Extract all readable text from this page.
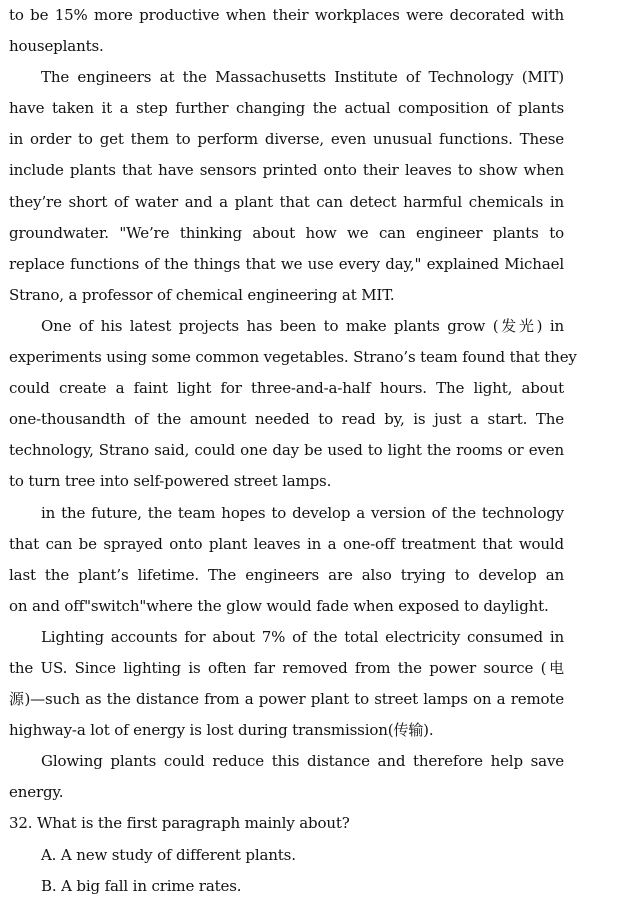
to be 15% more productive when their workplaces were decorated with
houseplants.
The engineers at the Massachusetts Institute of Technology (MIT)
have taken it a step further changing the actual composition of plants
in order to get them to perform diverse, even unusual functions. These
include plants that have sensors printed onto their leaves to show when
they’re short of water and a plant that can detect harmful chemicals in
groundwater. "We’re thinking about how we can engineer plants to
replace functions of the things that we use every day," explained Michael
Strano, a professor of chemical engineering at MIT.
One of his latest projects has been to make plants grow (发光) in
experiments using some common vegetables. Strano’s team found that they
could create a faint light for three-and-a-half hours. The light, about
one-thousandth of the amount needed to read by, is just a start. The
technology, Strano said, could one day be used to light the rooms or even
to turn tree into self-powered street lamps.
in the future, the team hopes to develop a version of the technology
that can be sprayed onto plant leaves in a one-off treatment that would
last the plant’s lifetime. The engineers are also trying to develop an
on and off"switch"where the glow would fade when exposed to daylight.
Lighting accounts for about 7% of the total electricity consumed in
the US. Since lighting is often far removed from the power source (电
源)—such as the distance from a power plant to street lamps on a remote
highway-a lot of energy is lost during transmission(传输).
Glowing plants could reduce this distance and therefore help save
energy.
32. What is the first paragraph mainly about?
A. A new study of different plants.
B. A big fall in crime rates.
